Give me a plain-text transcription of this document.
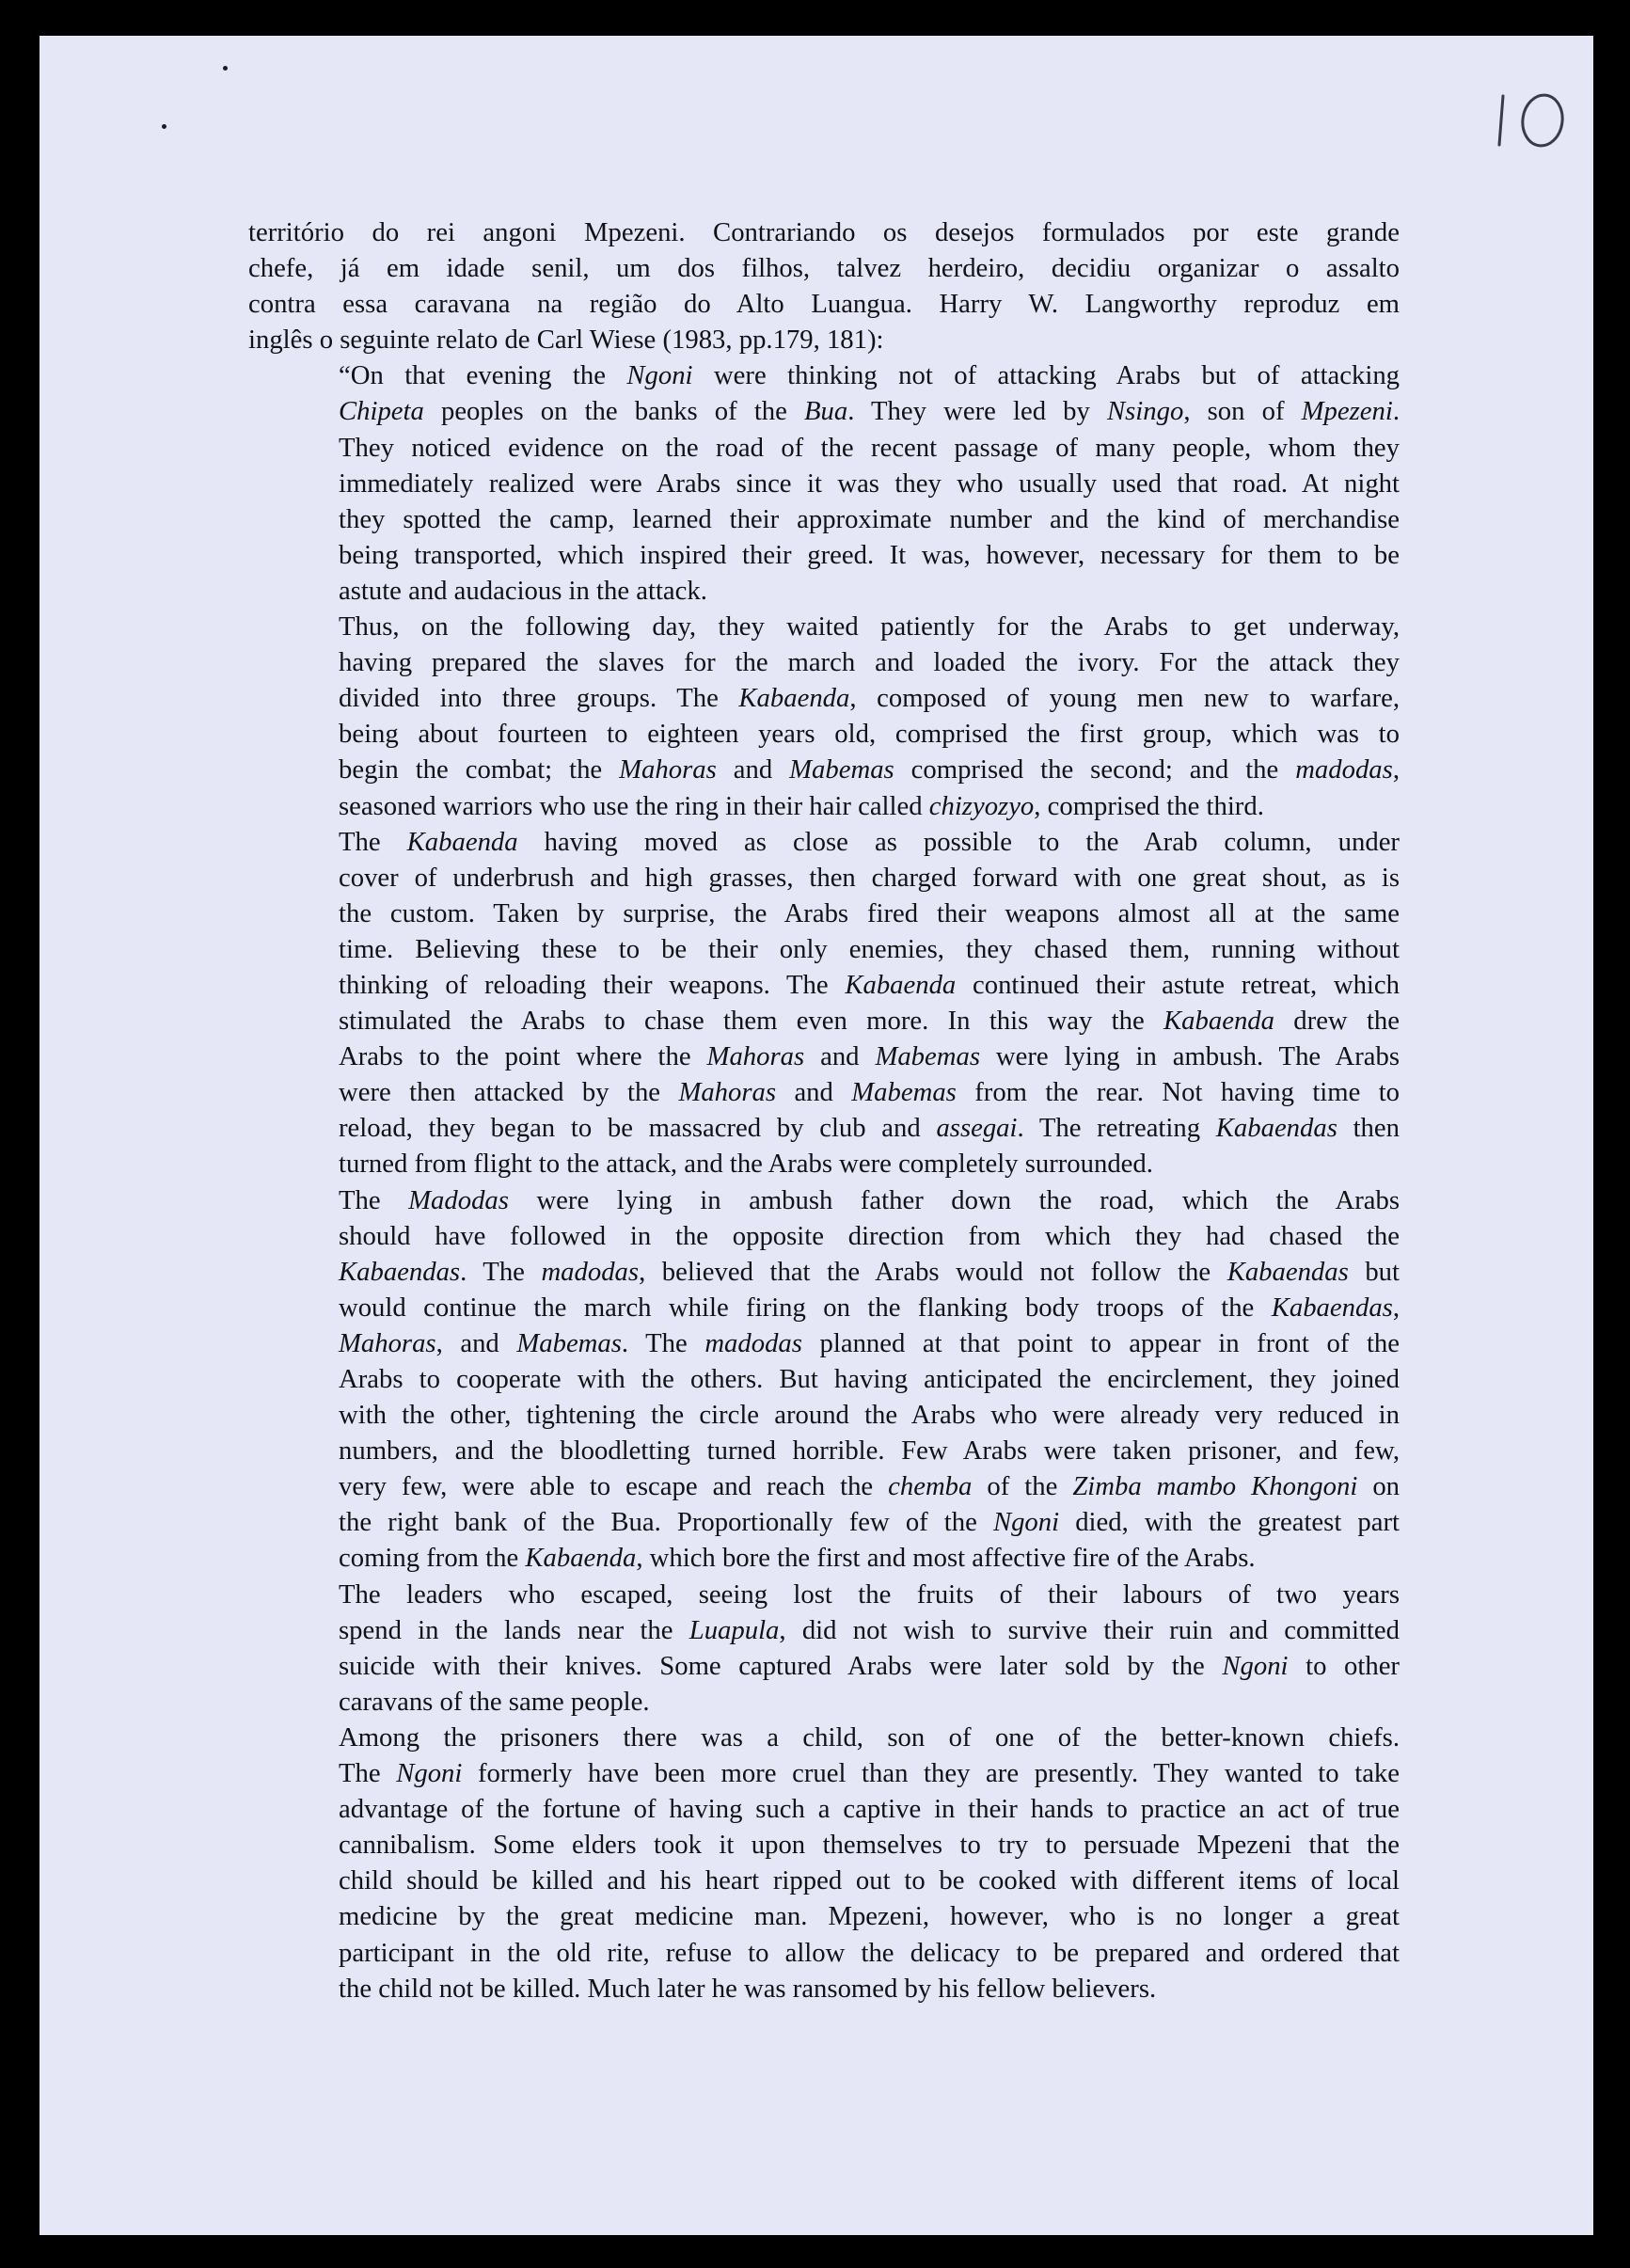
território do rei angoni Mpezeni. Contrariando os desejos formulados por este grande
chefe, já em idade senil, um dos filhos, talvez herdeiro, decidiu organizar o assalto
contra essa caravana na região do Alto Luangua. Harry W. Langworthy reproduz em
inglês o seguinte relato de Carl Wiese (1983, pp.179, 181):

“On that evening the Ngoni were thinking not of attacking Arabs but of attacking
Chipeta peoples on the banks of the Bua. They were led by Nsingo, son of Mpezeni.
They noticed evidence on the road of the recent passage of many people, whom they
immediately realized were Arabs since it was they who usually used that road. At night
they spotted the camp, learned their approximate number and the kind of merchandise
being transported, which inspired their greed. It was, however, necessary for them to be
astute and audacious in the attack.

Thus, on the following day, they waited patiently for the Arabs to get underway,
having prepared the slaves for the march and loaded the ivory. For the attack they
divided into three groups. The Kabaenda, composed of young men new to warfare,
being about fourteen to eighteen years old, comprised the first group, which was to
begin the combat; the Mahoras and Mabemas comprised the second; and the madodas,
seasoned warriors who use the ring in their hair called chizyozyo, comprised the third.

The Kabaenda having moved as close as possible to the Arab column, under
cover of underbrush and high grasses, then charged forward with one great shout, as is
the custom. Taken by surprise, the Arabs fired their weapons almost all at the same
time. Believing these to be their only enemies, they chased them, running without
thinking of reloading their weapons. The Kabaenda continued their astute retreat, which
stimulated the Arabs to chase them even more. In this way the Kabaenda drew the
Arabs to the point where the Mahoras and Mabemas were lying in ambush. The Arabs
were then attacked by the Mahoras and Mabemas from the rear. Not having time to
reload, they began to be massacred by club and assegai. The retreating Kabaendas then
turned from flight to the attack, and the Arabs were completely surrounded.

The Madodas were lying in ambush father down the road, which the Arabs
should have followed in the opposite direction from which they had chased the
Kabaendas. The madodas, believed that the Arabs would not follow the Kabaendas but
would continue the march while firing on the flanking body troops of the Kabaendas,
Mahoras, and Mabemas. The madodas planned at that point to appear in front of the
Arabs to cooperate with the others. But having anticipated the encirclement, they joined
with the other, tightening the circle around the Arabs who were already very reduced in
numbers, and the bloodletting turned horrible. Few Arabs were taken prisoner, and few,
very few, were able to escape and reach the chemba of the Zimba mambo Khongoni on
the right bank of the Bua. Proportionally few of the Ngoni died, with the greatest part
coming from the Kabaenda, which bore the first and most affective fire of the Arabs.

The leaders who escaped, seeing lost the fruits of their labours of two years
spend in the lands near the Luapula, did not wish to survive their ruin and committed
suicide with their knives. Some captured Arabs were later sold by the Ngoni to other
caravans of the same people.

Among the prisoners there was a child, son of one of the better-known chiefs.
The Ngoni formerly have been more cruel than they are presently. They wanted to take
advantage of the fortune of having such a captive in their hands to practice an act of true
cannibalism. Some elders took it upon themselves to try to persuade Mpezeni that the
child should be killed and his heart ripped out to be cooked with different items of local
medicine by the great medicine man. Mpezeni, however, who is no longer a great
participant in the old rite, refuse to allow the delicacy to be prepared and ordered that
the child not be killed. Much later he was ransomed by his fellow believers.
